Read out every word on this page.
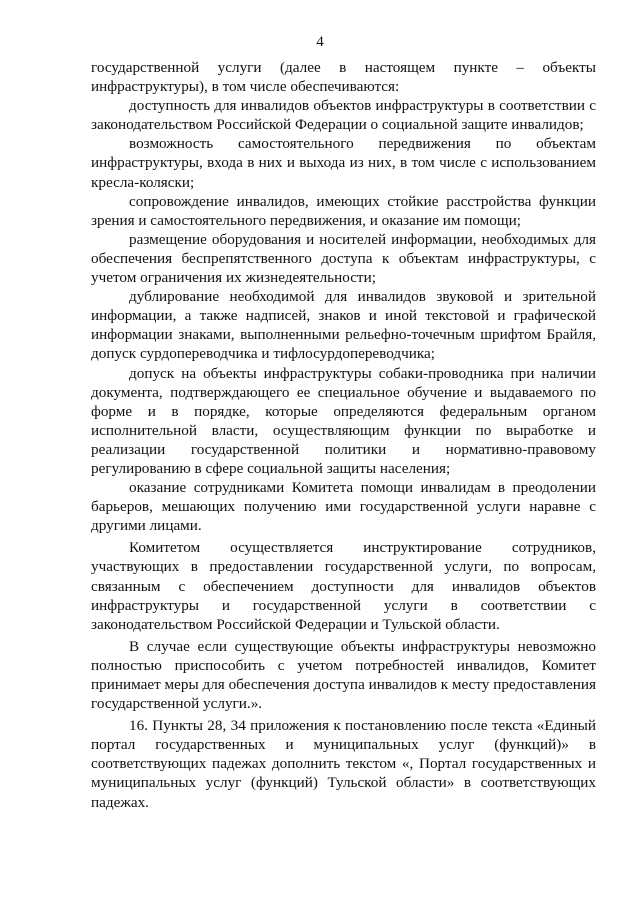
4

государственной услуги (далее в настоящем пункте – объекты инфраструктуры), в том числе обеспечиваются:

доступность для инвалидов объектов инфраструктуры в соответствии с законодательством Российской Федерации о социальной защите инвалидов;

возможность самостоятельного передвижения по объектам инфраструктуры, входа в них и выхода из них, в том числе с использованием кресла-коляски;

сопровождение инвалидов, имеющих стойкие расстройства функции зрения и самостоятельного передвижения, и оказание им помощи;

размещение оборудования и носителей информации, необходимых для обеспечения беспрепятственного доступа к объектам инфраструктуры, с учетом ограничения их жизнедеятельности;

дублирование необходимой для инвалидов звуковой и зрительной информации, а также надписей, знаков и иной текстовой и графической информации знаками, выполненными рельефно-точечным шрифтом Брайля, допуск сурдопереводчика и тифлосурдопереводчика;

допуск на объекты инфраструктуры собаки-проводника при наличии документа, подтверждающего ее специальное обучение и выдаваемого по форме и в порядке, которые определяются федеральным органом исполнительной власти, осуществляющим функции по выработке и реализации государственной политики и нормативно-правовому регулированию в сфере социальной защиты населения;

оказание сотрудниками Комитета помощи инвалидам в преодолении барьеров, мешающих получению ими государственной услуги наравне с другими лицами.

Комитетом осуществляется инструктирование сотрудников, участвующих в предоставлении государственной услуги, по вопросам, связанным с обеспечением доступности для инвалидов объектов инфраструктуры и государственной услуги в соответствии с законодательством Российской Федерации и Тульской области.

В случае если существующие объекты инфраструктуры невозможно полностью приспособить с учетом потребностей инвалидов, Комитет принимает меры для обеспечения доступа инвалидов к месту предоставления государственной услуги.».

16. Пункты 28, 34 приложения к постановлению после текста «Единый портал государственных и муниципальных услуг (функций)» в соответствующих падежах дополнить текстом «, Портал государственных и муниципальных услуг (функций) Тульской области» в соответствующих падежах.
